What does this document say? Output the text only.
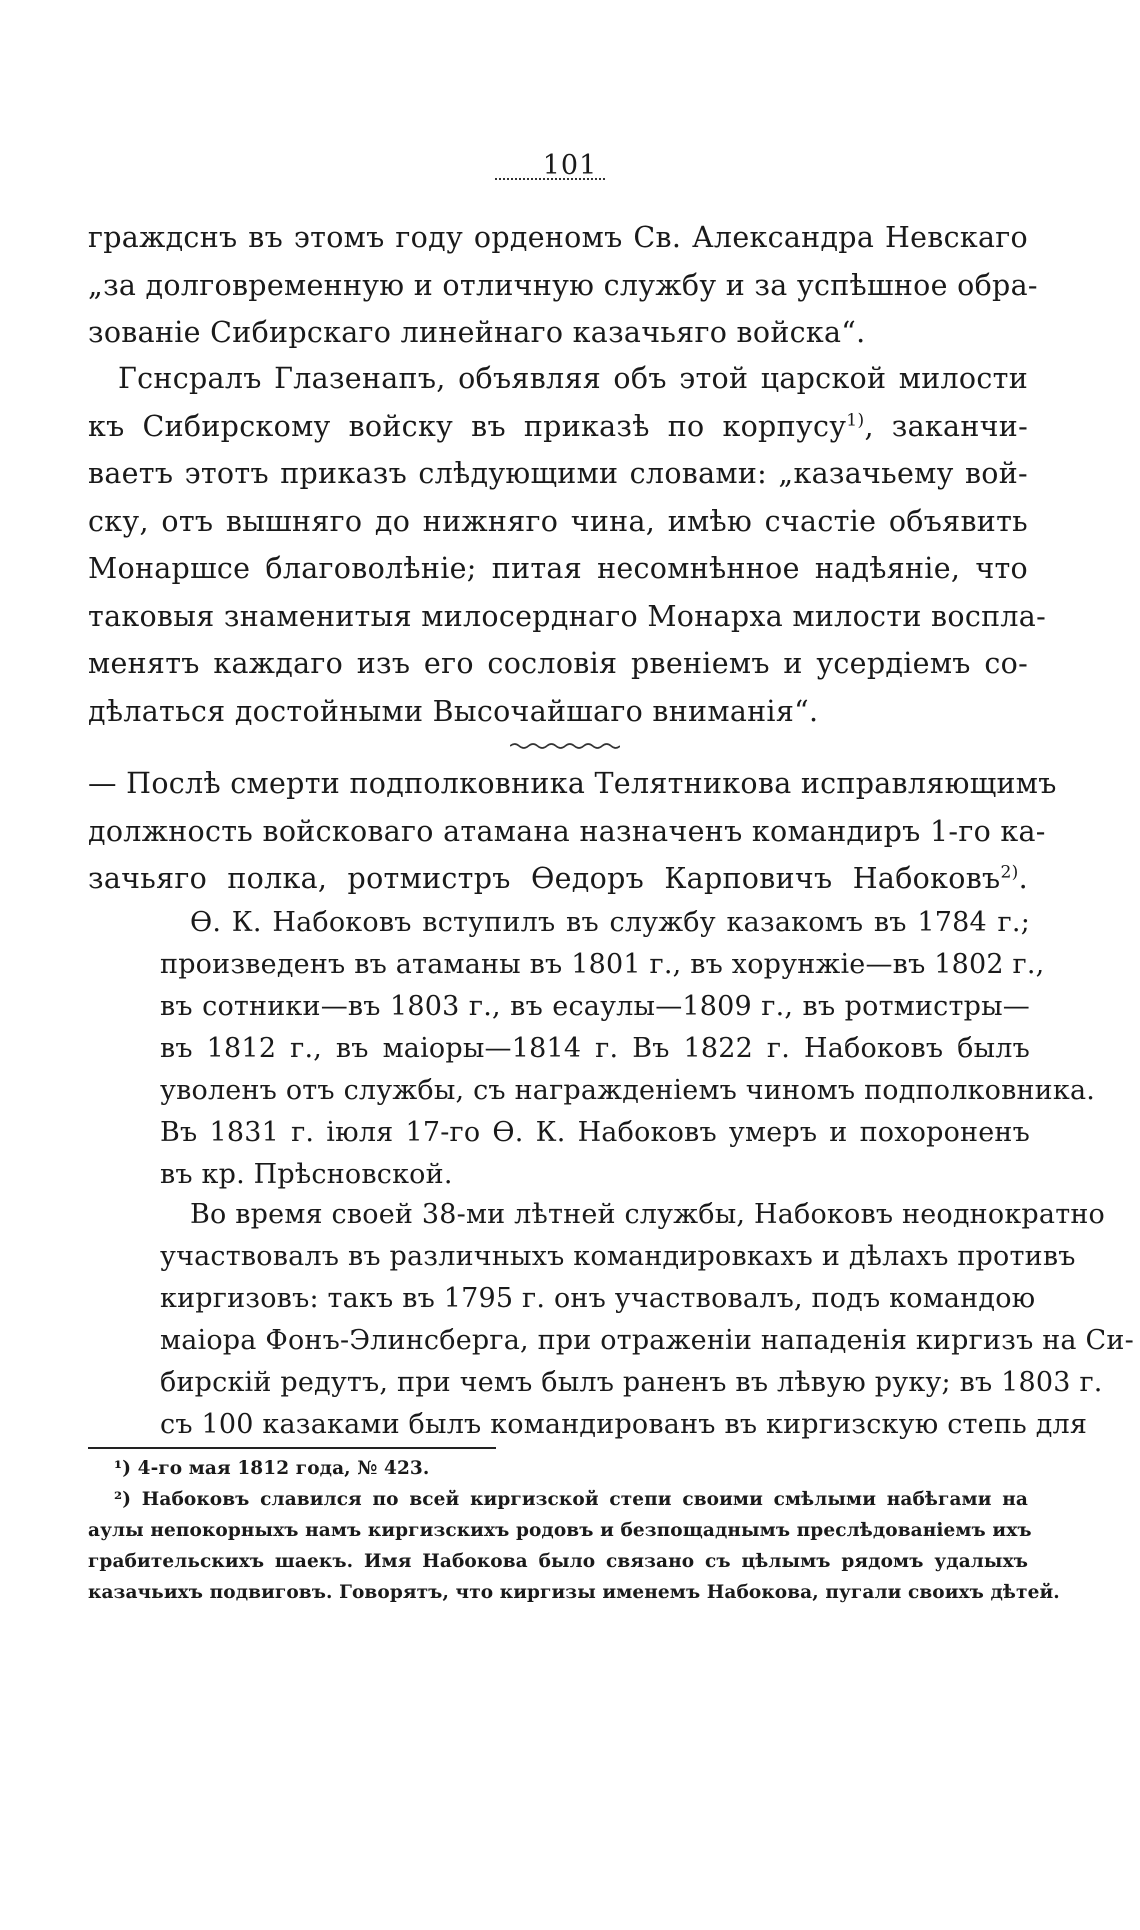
101
граждснъ въ этомъ году орденомъ Св. Александра Невскаго
„за долговременную и отличную службу и за успѣшное обра-
зованіе Сибирскаго линейнаго казачьяго войска“.
Гснсралъ Глазенапъ, объявляя объ этой царской милости
къ Сибирскому войску въ приказѣ по корпусу$^{1)}$, заканчи-
ваетъ этотъ приказъ слѣдующими словами: „казачьему вой-
ску, отъ вышняго до нижняго чина, имѣю счастіе объявить
Монаршсе благоволѣніе; питая несомнѣнное надѣяніе, что
таковыя знаменитыя милосерднаго Монарха милости воспла-
менятъ каждаго изъ его сословія рвеніемъ и усердіемъ со-
дѣлаться достойными Высочайшаго вниманія“.
— Послѣ смерти подполковника Телятникова исправляющимъ
должность войсковаго атамана назначенъ командиръ 1-го ка-
зачьяго полка, ротмистръ Өедоръ Карповичъ Набоковъ$^{2)}$.
Ө. К. Набоковъ вступилъ въ службу казакомъ въ 1784 г.;
произведенъ въ атаманы въ 1801 г., въ хорунжіе—въ 1802 г.,
въ сотники—въ 1803 г., въ есаулы—1809 г., въ ротмистры—
въ 1812 г., въ маіоры—1814 г. Въ 1822 г. Набоковъ былъ
уволенъ отъ службы, съ награжденіемъ чиномъ подполковника.
Въ 1831 г. іюля 17-го Ө. К. Набоковъ умеръ и похороненъ
въ кр. Прѣсновской.
Во время своей 38-ми лѣтней службы, Набоковъ неоднократно
участвовалъ въ различныхъ командировкахъ и дѣлахъ противъ
киргизовъ: такъ въ 1795 г. онъ участвовалъ, подъ командою
маіора Фонъ-Элинсберга, при отраженіи нападенія киргизъ на Си-
бирскій редутъ, при чемъ былъ раненъ въ лѣвую руку; въ 1803 г.
съ 100 казаками былъ командированъ въ киргизскую степь для
¹) 4-го мая 1812 года, № 423.
²) Набоковъ славился по всей киргизской степи своими смѣлыми набѣгами на
аулы непокорныхъ намъ киргизскихъ родовъ и безпощаднымъ преслѣдованіемъ ихъ
грабительскихъ шаекъ. Имя Набокова было связано съ цѣлымъ рядомъ удалыхъ
казачьихъ подвиговъ. Говорятъ, что киргизы именемъ Набокова, пугали своихъ дѣтей.
